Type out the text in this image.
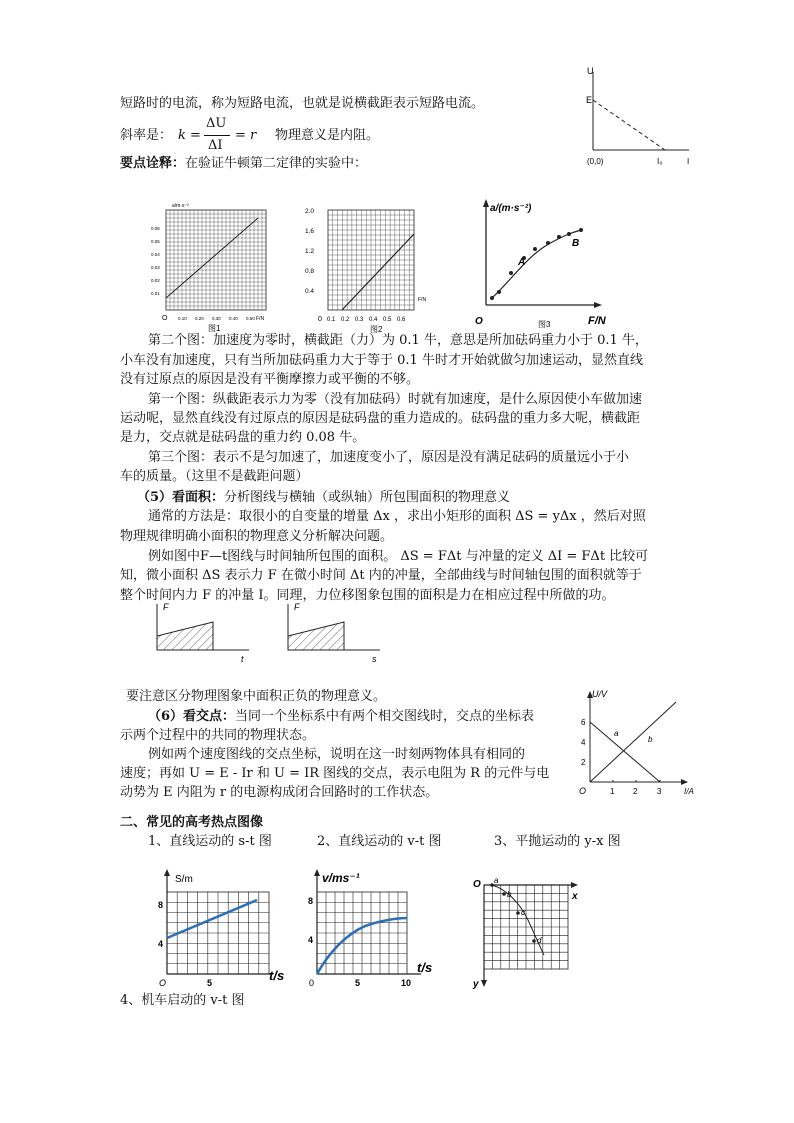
短路时的电流，称为短路电流，也就是说横截距表示短路电流。
斜率是： k =
ΔU
ΔI
= r 物理意义是内阻。
要点诠释：在验证牛顿第二定律的实验中：
U
E
(0,0)	I₀	I
a/m·s⁻²
0.06
0.05
0.04
0.03
0.02
0.01
0.10 0.20 0.30 0.40 0.50
O	F/N
图1
2.0
1.6
1.2
0.8
0.4
0.1 0.2 0.3 0.4 0.5 0.6
0
F/N
图2
a/(m·s⁻²)
A
B
O	F/N
图3
第二个图：加速度为零时，横截距（力）为 0.1 牛，意思是所加砝码重力小于 0.1 牛，
小车没有加速度，只有当所加砝码重力大于等于 0.1 牛时才开始就做匀加速运动，显然直线
没有过原点的原因是没有平衡摩擦力或平衡的不够。
第一个图：纵截距表示力为零（没有加砝码）时就有加速度，是什么原因使小车做加速
运动呢，显然直线没有过原点的原因是砝码盘的重力造成的。砝码盘的重力多大呢，横截距
是力，交点就是砝码盘的重力约 0.08 牛。
第三个图：表示不是匀加速了，加速度变小了，原因是没有满足砝码的质量远小于小
车的质量。（这里不是截距问题）
（5）看面积：分析图线与横轴（或纵轴）所包围面积的物理意义
通常的方法是：取很小的自变量的增量 Δx ，求出小矩形的面积 ΔS = yΔx ，然后对照
物理规律明确小面积的物理意义分析解决问题。
例如图中F—t图线与时间轴所包围的面积。 ΔS = FΔt 与冲量的定义 ΔI = FΔt 比较可
知，微小面积 ΔS 表示力 F 在微小时间 Δt 内的冲量，全部曲线与时间轴包围的面积就等于
整个时间内力 F 的冲量 I。同理，力位移图象包围的面积是力在相应过程中所做的功。
F
t
F
s
要注意区分物理图象中面积正负的物理意义。
（6）看交点：当同一个坐标系中有两个相交图线时，交点的坐标表
示两个过程中的共同的物理状态。
例如两个速度图线的交点坐标，说明在这一时刻两物体具有相同的
速度；再如 U = E - Ir 和 U = IR 图线的交点，表示电阻为 R 的元件与电
动势为 E 内阻为 r 的电源构成闭合回路时的工作状态。
U/V
6
4
2
1 2 3
O	I/A
a
b
二、常见的高考热点图像
1、直线运动的 s-t 图	2、直线运动的 v-t 图	3、平抛运动的 y-x 图
S/m
8
4
5
O	t/s
v/ms⁻¹
8
4
5	10
0
t/s
O a
b
c
d
x
y
4、机车启动的 v-t 图
